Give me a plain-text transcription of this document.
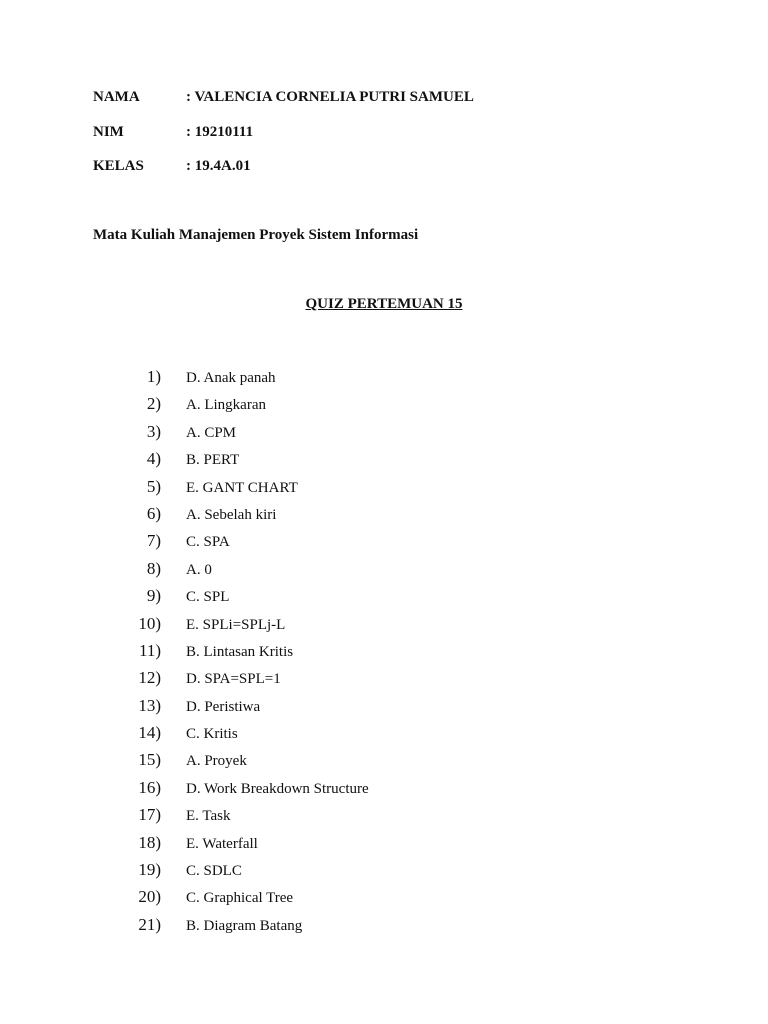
NAMA	: VALENCIA CORNELIA PUTRI SAMUEL
NIM	: 19210111
KELAS	: 19.4A.01
Mata Kuliah Manajemen Proyek Sistem Informasi
QUIZ PERTEMUAN 15
1) D. Anak panah
2) A. Lingkaran
3) A. CPM
4) B. PERT
5) E. GANT CHART
6) A. Sebelah kiri
7) C. SPA
8) A. 0
9) C. SPL
10) E. SPLi=SPLj-L
11) B. Lintasan Kritis
12) D. SPA=SPL=1
13) D. Peristiwa
14) C. Kritis
15) A. Proyek
16) D. Work Breakdown Structure
17) E. Task
18) E. Waterfall
19) C. SDLC
20) C. Graphical Tree
21) B. Diagram Batang
